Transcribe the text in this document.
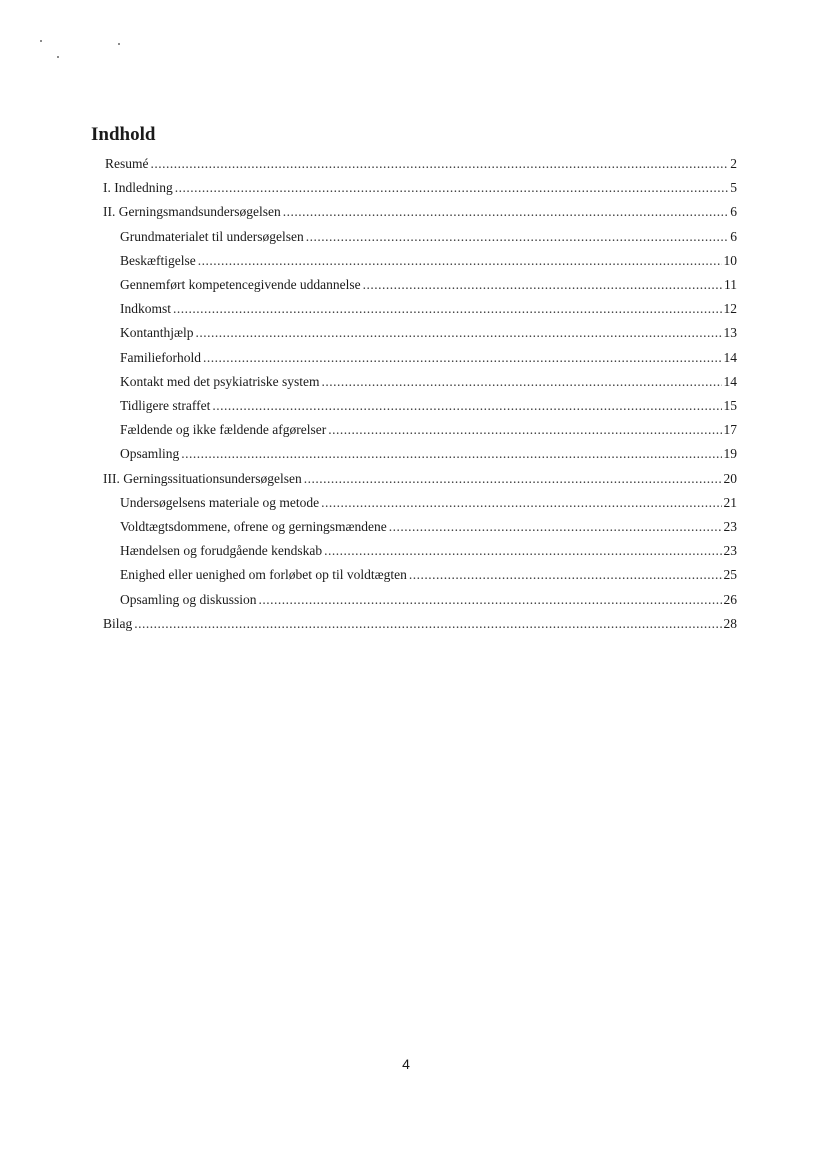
Indhold
Resumé .....	2
I. Indledning .....	5
II. Gerningsmandsundersøgelsen .....	6
Grundmaterialet til undersøgelsen .....	6
Beskæftigelse .....	10
Gennemført kompetencegivende uddannelse .....	11
Indkomst .....	12
Kontanthjælp .....	13
Familieforhold .....	14
Kontakt med det psykiatriske system .....	14
Tidligere straffet .....	15
Fældende og ikke fældende afgørelser .....	17
Opsamling .....	19
III. Gerningssituationsundersøgelsen .....	20
Undersøgelsens materiale og metode .....	21
Voldtægtsdommene, ofrene og gerningsmændene .....	23
Hændelsen og forudgående kendskab .....	23
Enighed eller uenighed om forløbet op til voldtægten .....	25
Opsamling og diskussion .....	26
Bilag .....	28
4
